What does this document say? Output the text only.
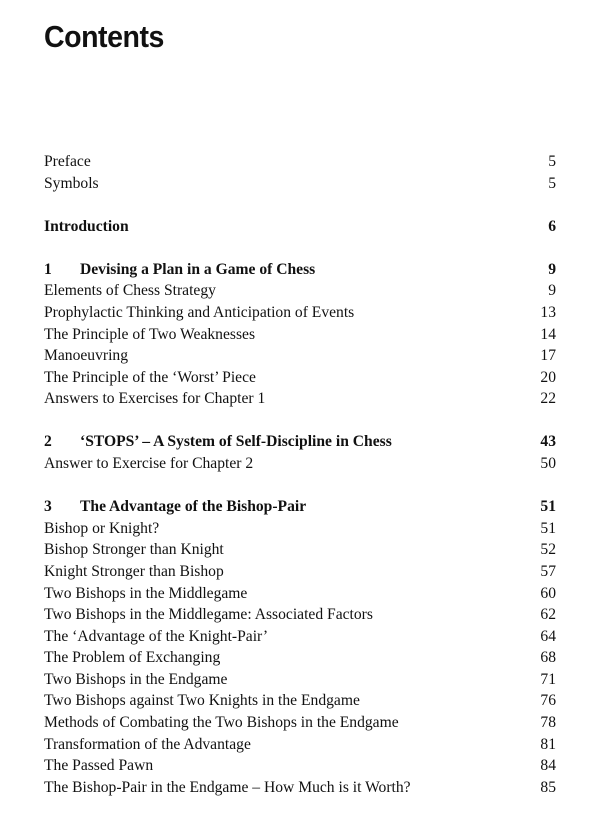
Contents
Preface	5
Symbols	5
Introduction	6
1 Devising a Plan in a Game of Chess	9
Elements of Chess Strategy	9
Prophylactic Thinking and Anticipation of Events	13
The Principle of Two Weaknesses	14
Manoeuvring	17
The Principle of the ‘Worst’ Piece	20
Answers to Exercises for Chapter 1	22
2 ‘STOPS’ – A System of Self-Discipline in Chess	43
Answer to Exercise for Chapter 2	50
3 The Advantage of the Bishop-Pair	51
Bishop or Knight?	51
Bishop Stronger than Knight	52
Knight Stronger than Bishop	57
Two Bishops in the Middlegame	60
Two Bishops in the Middlegame: Associated Factors	62
The ‘Advantage of the Knight-Pair’	64
The Problem of Exchanging	68
Two Bishops in the Endgame	71
Two Bishops against Two Knights in the Endgame	76
Methods of Combating the Two Bishops in the Endgame	78
Transformation of the Advantage	81
The Passed Pawn	84
The Bishop-Pair in the Endgame – How Much is it Worth?	85
